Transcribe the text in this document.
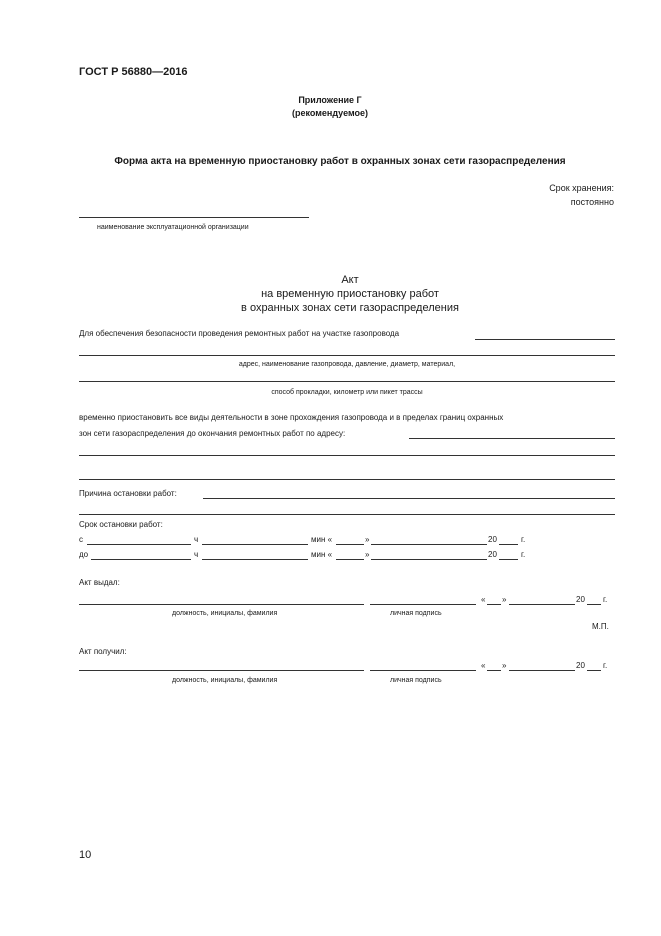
ГОСТ Р 56880—2016
Приложение Г
(рекомендуемое)
Форма акта на временную приостановку работ в охранных зонах сети газораспределения
Срок хранения:
постоянно
наименование эксплуатационной организации
Акт
на временную приостановку работ
в охранных зонах сети газораспределения
Для обеспечения безопасности проведения ремонтных работ на участке газопровода
адрес, наименование газопровода, давление, диаметр, материал,
способ прокладки, километр или пикет трассы
временно приостановить все виды деятельности в зоне прохождения газопровода и в пределах границ охранных
зон сети газораспределения до окончания ремонтных работ по адресу:
Причина остановки работ:
Срок остановки работ:
с	ч	мин «	»	20	г.
до	ч	мин «	»	20	г.
Акт выдал:
« »	20 г.
должность, инициалы, фамилия	личная подпись
М.П.
Акт получил:
« »	20 г.
должность, инициалы, фамилия	личная подпись
10
